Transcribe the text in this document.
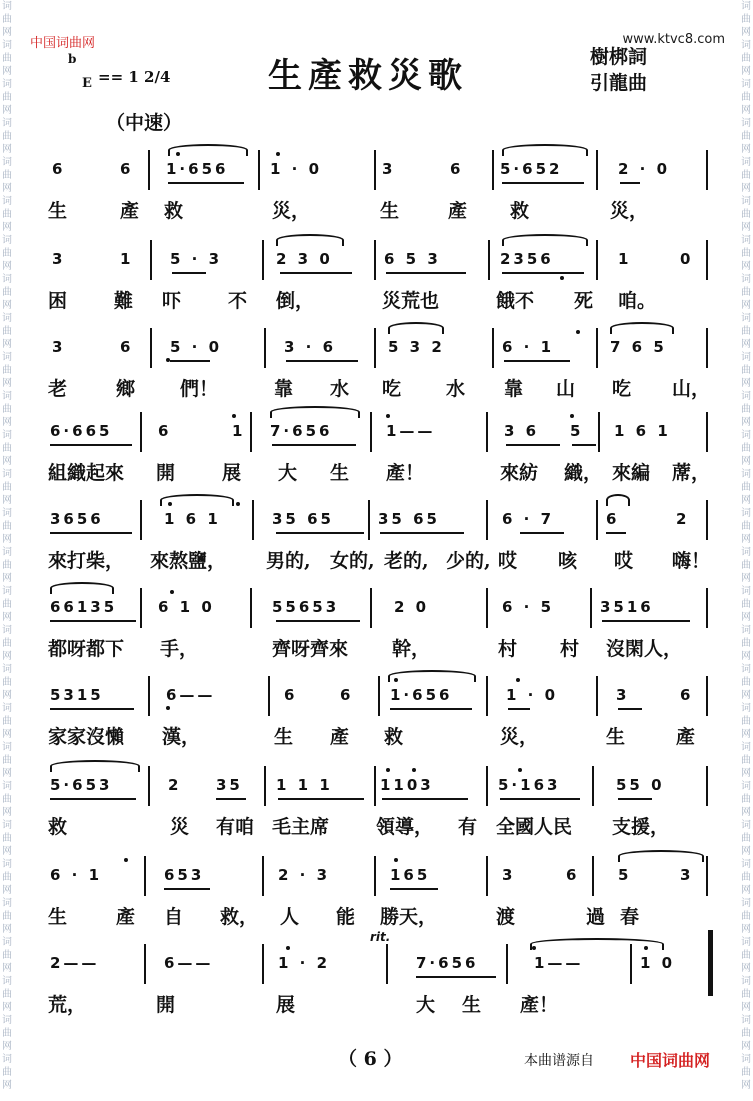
词
曲
网
词
曲
网
词
曲
网
词
曲
网
词
曲
网
词
曲
网
词
曲
网
词
曲
网
词
曲
网
词
曲
网
词
曲
网
词
曲
网
词
曲
网
词
曲
网
词
曲
网
词
曲
网
词
曲
网
词
曲
网
词
曲
网
词
曲
网
词
曲
网
词
曲
网
词
曲
网
词
曲
网
词
曲
网
词
曲
网
词
曲
网
词
曲
网
词
曲
网
词
曲
网
词
曲
网
词
曲
网
词
曲
网
词
曲
网
词
曲
网
词
曲
网
词
曲
网
词
曲
网
词
曲
网
词
曲
网
词
曲
网
词
曲
网
词
曲
网
词
曲
网
词
曲
网
词
曲
网
词
曲
网
词
曲
网
词
曲
网
词
曲
网
词
曲
网
词
曲
网
词
曲
网
词
曲
网
词
曲
网
词
曲
网
中国词曲网	www.ktvc8.com
b
E == 1 2/4	生產救災歌	樹梆詞
引龍曲
（中速）
6	6 1·656	1 · 0	3	6 5·652	2 · 0
生	產 救	災，	生	產 救	災，
3	1 5 · 3	2 3 0	6 5 3	2356	1	0
困 難 吓 不 倒，	災荒也	餓不 死 咱。
3	6 5 · 0	3 · 6	5 3 2	6 · 1	7 6 5
老	鄉 們！	靠 水 吃 水 靠 山 吃 山，
6·665	6	1 7·656	1——	3 6 5 1 6 1
組織起來 開 展 大 生 產！	來紡 織， 來編 蓆，
3656	1 6 1	35 65	35 65	6 · 7	6	2
來打柴， 來熬鹽， 男的, 女的, 老的, 少的, 哎 咳 哎 嗨！
66135	6 1 0	55653	2 0	6 · 5	3516
都呀都下 手，	齊呀齊來 幹，	村 村 沒閑人，
5315	6——	6	6 1·656	1 · 0	3	6
家家沒懶 漢，	生 產 救	災，	生	產
5·653	2 35 1 1 1	1103	5·163	55 0
救	災 有咱 毛主席 領導， 有 全國人民 支援，
6 · 1	653	2 · 3	165	3	6	5	3
生	產 自 救， 人 能 勝天，	渡	過 春
2——	6——	1 · 2	7·656	1——	1 0
rit.
荒，	開	展	大 生 產！
（ 6 ）	本曲谱源自 中国词曲网
